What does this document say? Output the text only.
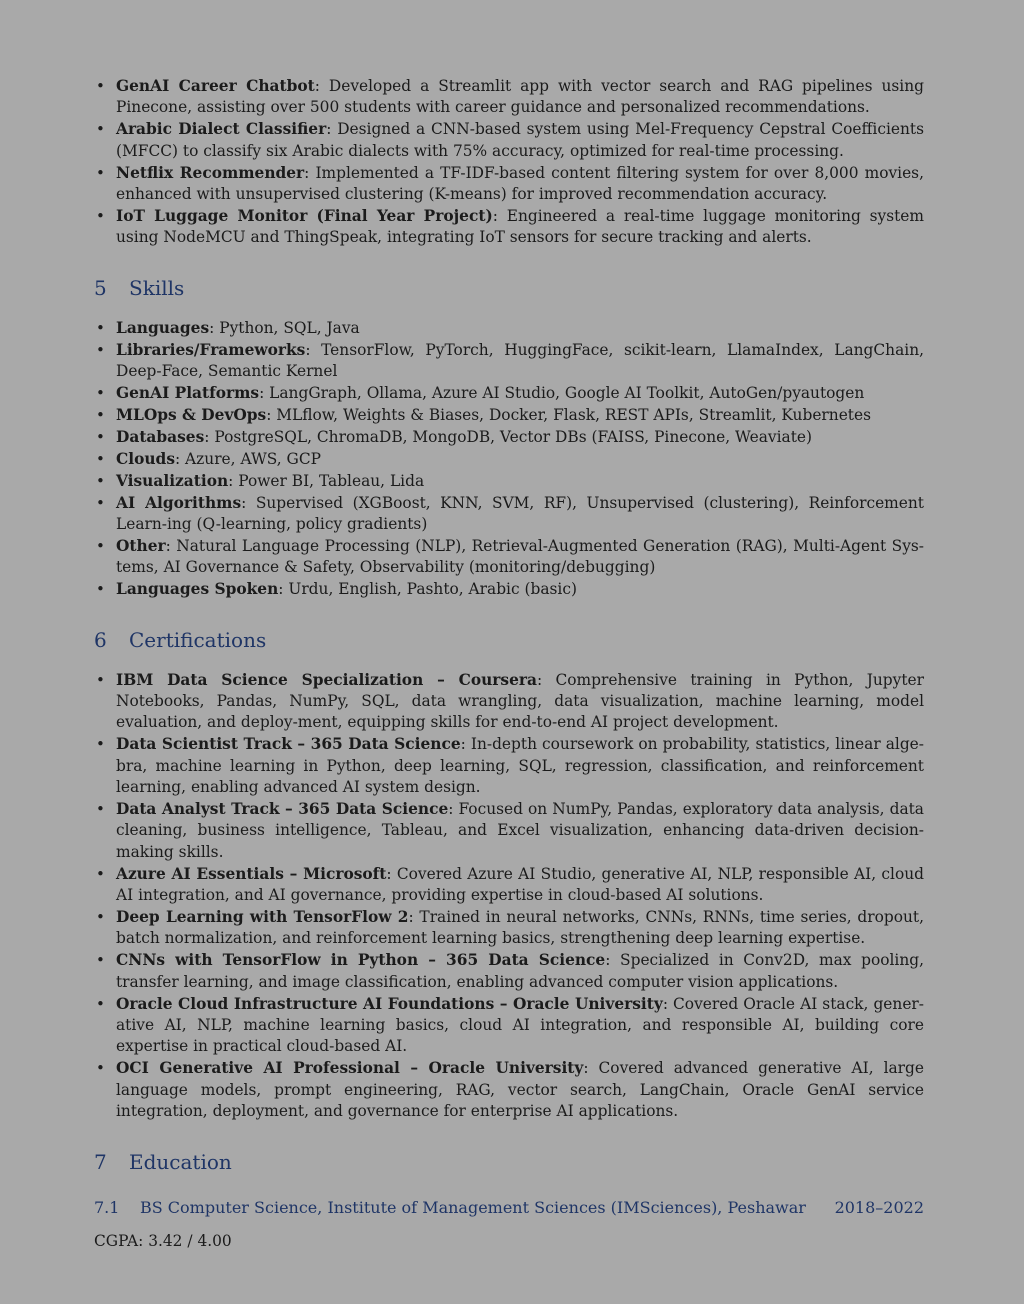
• GenAI Career Chatbot: Developed a Streamlit app with vector search and RAG pipelines using Pinecone, assisting over 500 students with career guidance and personalized recommendations.
• Arabic Dialect Classifier: Designed a CNN-based system using Mel-Frequency Cepstral Coefficients (MFCC) to classify six Arabic dialects with 75% accuracy, optimized for real-time processing.
• Netflix Recommender: Implemented a TF-IDF-based content filtering system for over 8,000 movies, enhanced with unsupervised clustering (K-means) for improved recommendation accuracy.
• IoT Luggage Monitor (Final Year Project): Engineered a real-time luggage monitoring system using NodeMCU and ThingSpeak, integrating IoT sensors for secure tracking and alerts.
5 Skills
• Languages: Python, SQL, Java
• Libraries/Frameworks: TensorFlow, PyTorch, HuggingFace, scikit-learn, LlamaIndex, LangChain, Deep-Face, Semantic Kernel
• GenAI Platforms: LangGraph, Ollama, Azure AI Studio, Google AI Toolkit, AutoGen/pyautogen
• MLOps & DevOps: MLflow, Weights & Biases, Docker, Flask, REST APIs, Streamlit, Kubernetes
• Databases: PostgreSQL, ChromaDB, MongoDB, Vector DBs (FAISS, Pinecone, Weaviate)
• Clouds: Azure, AWS, GCP
• Visualization: Power BI, Tableau, Lida
• AI Algorithms: Supervised (XGBoost, KNN, SVM, RF), Unsupervised (clustering), Reinforcement Learn-ing (Q-learning, policy gradients)
• Other: Natural Language Processing (NLP), Retrieval-Augmented Generation (RAG), Multi-Agent Sys-tems, AI Governance & Safety, Observability (monitoring/debugging)
• Languages Spoken: Urdu, English, Pashto, Arabic (basic)
6 Certifications
• IBM Data Science Specialization – Coursera: Comprehensive training in Python, Jupyter Notebooks, Pandas, NumPy, SQL, data wrangling, data visualization, machine learning, model evaluation, and deploy-ment, equipping skills for end-to-end AI project development.
• Data Scientist Track – 365 Data Science: In-depth coursework on probability, statistics, linear alge-bra, machine learning in Python, deep learning, SQL, regression, classification, and reinforcement learning, enabling advanced AI system design.
• Data Analyst Track – 365 Data Science: Focused on NumPy, Pandas, exploratory data analysis, data cleaning, business intelligence, Tableau, and Excel visualization, enhancing data-driven decision-making skills.
• Azure AI Essentials – Microsoft: Covered Azure AI Studio, generative AI, NLP, responsible AI, cloud AI integration, and AI governance, providing expertise in cloud-based AI solutions.
• Deep Learning with TensorFlow 2: Trained in neural networks, CNNs, RNNs, time series, dropout, batch normalization, and reinforcement learning basics, strengthening deep learning expertise.
• CNNs with TensorFlow in Python – 365 Data Science: Specialized in Conv2D, max pooling, transfer learning, and image classification, enabling advanced computer vision applications.
• Oracle Cloud Infrastructure AI Foundations – Oracle University: Covered Oracle AI stack, gener-ative AI, NLP, machine learning basics, cloud AI integration, and responsible AI, building core expertise in practical cloud-based AI.
• OCI Generative AI Professional – Oracle University: Covered advanced generative AI, large language models, prompt engineering, RAG, vector search, LangChain, Oracle GenAI service integration, deployment, and governance for enterprise AI applications.
7 Education
7.1 BS Computer Science, Institute of Management Sciences (IMSciences), Peshawar 2018–2022
CGPA: 3.42 / 4.00
